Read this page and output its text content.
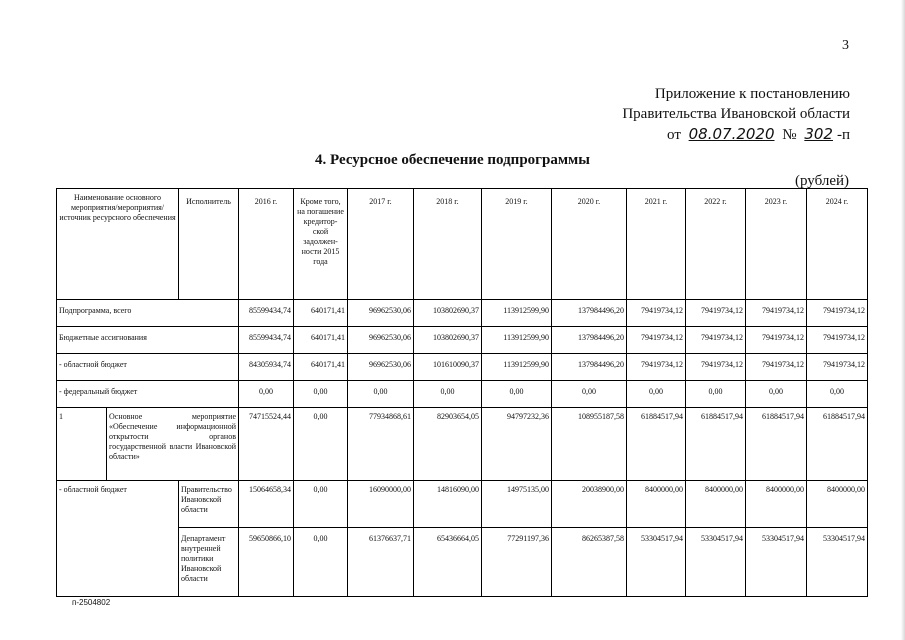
3
Приложение к постановлению
Правительства Ивановской области
от 08.07.2020 № 302 -п
4. Ресурсное обеспечение подпрограммы
(рублей)
Наименование основного мероприятия/мероприятия/ источник ресурсного обеспечения		Исполнитель	2016 г.	Кроме того, на погашение кредитор-ской задолжен-ности 2015 года	2017 г.	2018 г.	2019 г.	2020 г.	2021 г.	2022 г.	2023 г.	2024 г.
Подпрограмма, всего			85599434,74	640171,41	96962530,06	103802690,37	113912599,90	137984496,20	79419734,12	79419734,12	79419734,12	79419734,12
Бюджетные ассигнования			85599434,74	640171,41	96962530,06	103802690,37	113912599,90	137984496,20	79419734,12	79419734,12	79419734,12	79419734,12
- областной бюджет			84305934,74	640171,41	96962530,06	101610090,37	113912599,90	137984496,20	79419734,12	79419734,12	79419734,12	79419734,12
- федеральный бюджет			0,00	0,00	0,00	0,00	0,00	0,00	0,00	0,00	0,00	0,00
1	Основное мероприятие «Обеспечение информационной открытости органов государственной власти Ивановской области»		74715524,44	0,00	77934868,61	82903654,05	94797232,36	108955187,58	61884517,94	61884517,94	61884517,94	61884517,94
- областной бюджет		Правительство Ивановской области	15064658,34	0,00	16090000,00	14816090,00	14975135,00	20038900,00	8400000,00	8400000,00	8400000,00	8400000,00
		Департамент внутренней политики Ивановской области	59650866,10	0,00	61376637,71	65436664,05	77291197,36	86265387,58	53304517,94	53304517,94	53304517,94	53304517,94
п-2504802
